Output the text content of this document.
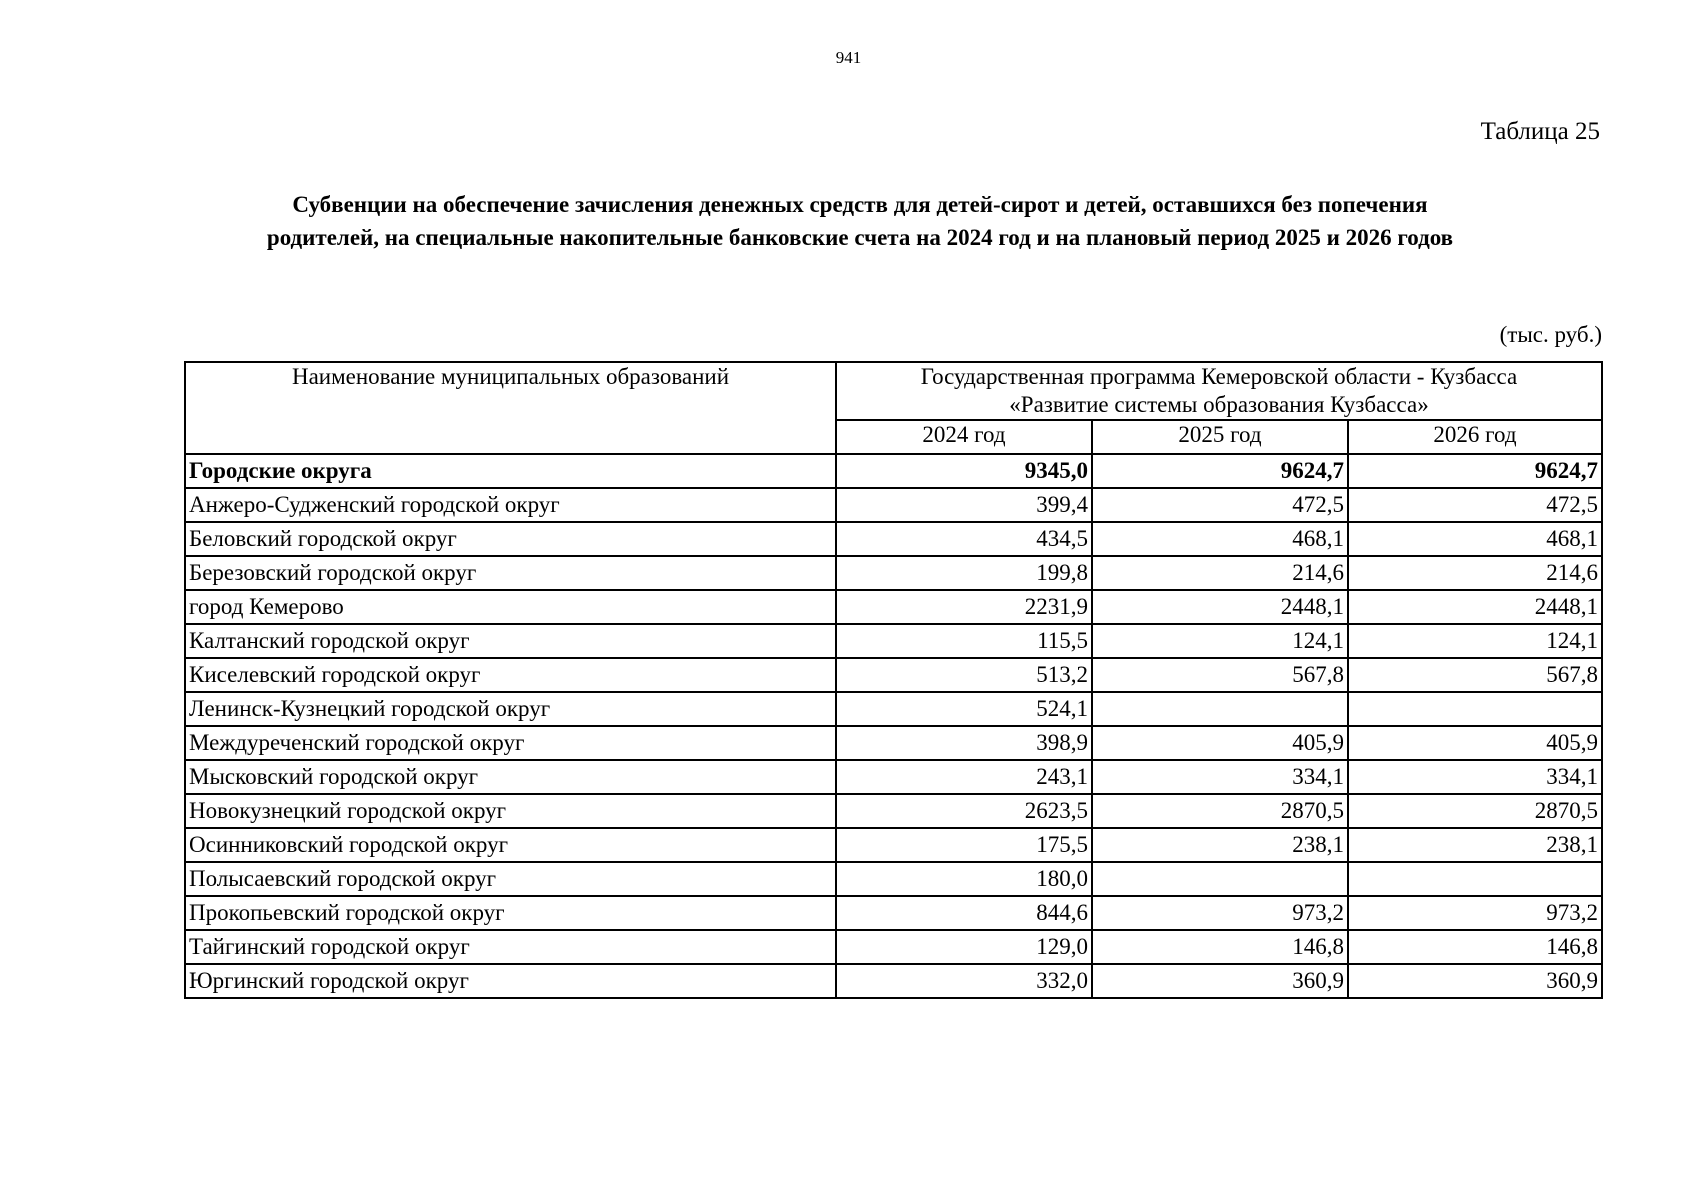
941
Таблица 25
Субвенции на обеспечение зачисления денежных средств для детей-сирот и детей, оставшихся без попечения
родителей, на специальные накопительные банковские счета на 2024 год и на плановый период 2025 и 2026 годов
(тыс. руб.)
Наименование муниципальных образований	Государственная программа Кемеровской области - Кузбасса
«Развитие системы образования Кузбасса»		

	2024 год	2025 год	2026 год
Городские округа	9345,0	9624,7	9624,7
Анжеро-Судженский городской округ	399,4	472,5	472,5
Беловский городской округ	434,5	468,1	468,1
Березовский городской округ	199,8	214,6	214,6
город Кемерово	2231,9	2448,1	2448,1
Калтанский городской округ	115,5	124,1	124,1
Киселевский городской округ	513,2	567,8	567,8
Ленинск-Кузнецкий городской округ	524,1		
Междуреченский городской округ	398,9	405,9	405,9
Мысковский городской округ	243,1	334,1	334,1
Новокузнецкий городской округ	2623,5	2870,5	2870,5
Осинниковский городской округ	175,5	238,1	238,1
Полысаевский городской округ	180,0		
Прокопьевский городской округ	844,6	973,2	973,2
Тайгинский городской округ	129,0	146,8	146,8
Юргинский городской округ	332,0	360,9	360,9
